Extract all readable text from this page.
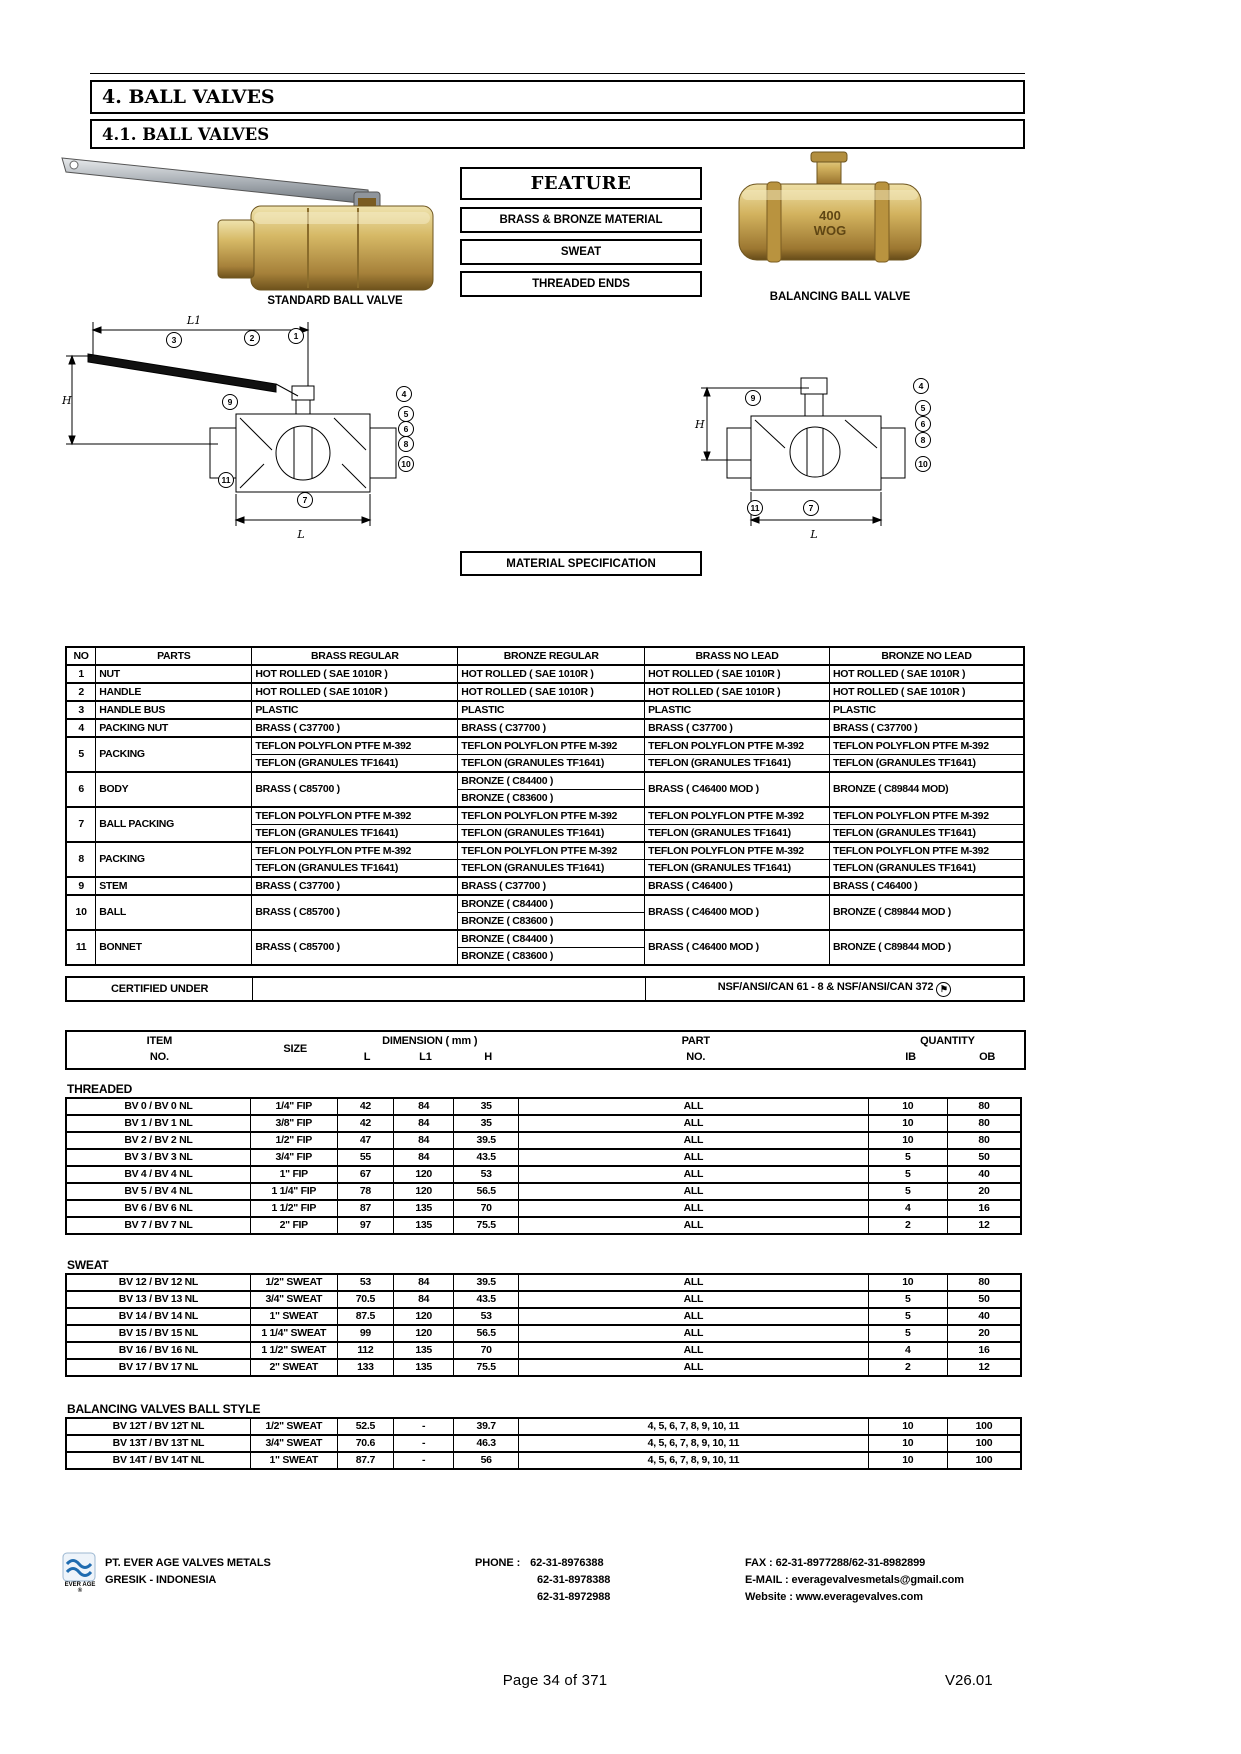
4. BALL VALVES
4.1. BALL VALVES
FEATURE
BRASS & BRONZE MATERIAL
SWEAT
THREADED ENDS
400
WOG
STANDARD BALL VALVE	BALANCING BALL VALVE
L1
H
L
3	2	1
9
4
5
6
8
10
11
7
H
L
9
4
5
6
8
10
11	7
MATERIAL SPECIFICATION
NO	PARTS	BRASS REGULAR	BRONZE REGULAR	BRASS NO LEAD	BRONZE NO LEAD
1	NUT	HOT ROLLED ( SAE 1010R )	HOT ROLLED ( SAE 1010R )	HOT ROLLED ( SAE 1010R )	HOT ROLLED ( SAE 1010R )
2	HANDLE	HOT ROLLED ( SAE 1010R )	HOT ROLLED ( SAE 1010R )	HOT ROLLED ( SAE 1010R )	HOT ROLLED ( SAE 1010R )
3	HANDLE BUS	PLASTIC	PLASTIC	PLASTIC	PLASTIC
4	PACKING NUT	BRASS ( C37700 )	BRASS ( C37700 )	BRASS ( C37700 )	BRASS ( C37700 )
5	PACKING	TEFLON POLYFLON PTFE M-392	TEFLON POLYFLON PTFE M-392	TEFLON POLYFLON PTFE M-392	TEFLON POLYFLON PTFE M-392
		TEFLON (GRANULES TF1641)	TEFLON (GRANULES TF1641)	TEFLON (GRANULES TF1641)	TEFLON (GRANULES TF1641)
6	BODY	BRASS ( C85700 )	BRONZE ( C84400 )	BRASS ( C46400 MOD )	BRONZE ( C89844 MOD)
			BRONZE ( C83600 )		
7	BALL PACKING	TEFLON POLYFLON PTFE M-392	TEFLON POLYFLON PTFE M-392	TEFLON POLYFLON PTFE M-392	TEFLON POLYFLON PTFE M-392
		TEFLON (GRANULES TF1641)	TEFLON (GRANULES TF1641)	TEFLON (GRANULES TF1641)	TEFLON (GRANULES TF1641)
8	PACKING	TEFLON POLYFLON PTFE M-392	TEFLON POLYFLON PTFE M-392	TEFLON POLYFLON PTFE M-392	TEFLON POLYFLON PTFE M-392
		TEFLON (GRANULES TF1641)	TEFLON (GRANULES TF1641)	TEFLON (GRANULES TF1641)	TEFLON (GRANULES TF1641)
9	STEM	BRASS ( C37700 )	BRASS ( C37700 )	BRASS ( C46400 )	BRASS ( C46400 )
10	BALL	BRASS ( C85700 )	BRONZE ( C84400 )	BRASS ( C46400 MOD )	BRONZE ( C89844 MOD )
			BRONZE ( C83600 )		
11	BONNET	BRASS ( C85700 )	BRONZE ( C84400 )	BRASS ( C46400 MOD )	BRONZE ( C89844 MOD )
			BRONZE ( C83600 )		
CERTIFIED UNDER		NSF/ANSI/CAN 61 - 8 & NSF/ANSI/CAN 372 ⚑
ITEM
NO.
SIZE
DIMENSION ( mm )
L	L1	H
PART
NO.
QUANTITY
IB	OB
THREADED
BV 0 / BV 0 NL	1/4" FIP	42	84	35	ALL	10	80
BV 1 / BV 1 NL	3/8" FIP	42	84	35	ALL	10	80
BV 2 / BV 2 NL	1/2" FIP	47	84	39.5	ALL	10	80
BV 3 / BV 3 NL	3/4" FIP	55	84	43.5	ALL	5	50
BV 4 / BV 4 NL	1" FIP	67	120	53	ALL	5	40
BV 5 / BV 4 NL	1 1/4" FIP	78	120	56.5	ALL	5	20
BV 6 / BV 6 NL	1 1/2" FIP	87	135	70	ALL	4	16
BV 7 / BV 7 NL	2" FIP	97	135	75.5	ALL	2	12
SWEAT
BV 12 / BV 12 NL	1/2" SWEAT	53	84	39.5	ALL	10	80
BV 13 / BV 13 NL	3/4" SWEAT	70.5	84	43.5	ALL	5	50
BV 14 / BV 14 NL	1" SWEAT	87.5	120	53	ALL	5	40
BV 15 / BV 15 NL	1 1/4" SWEAT	99	120	56.5	ALL	5	20
BV 16 / BV 16 NL	1 1/2" SWEAT	112	135	70	ALL	4	16
BV 17 / BV 17 NL	2" SWEAT	133	135	75.5	ALL	2	12
BALANCING VALVES BALL STYLE
BV 12T / BV 12T NL	1/2" SWEAT	52.5	-	39.7	4, 5, 6, 7, 8, 9, 10, 11	10	100
BV 13T / BV 13T NL	3/4" SWEAT	70.6	-	46.3	4, 5, 6, 7, 8, 9, 10, 11	10	100
BV 14T / BV 14T NL	1" SWEAT	87.7	-	56	4, 5, 6, 7, 8, 9, 10, 11	10	100
EVER AGE ®
PT. EVER AGE VALVES METALS
GRESIK - INDONESIA
PHONE : 62-31-8976388
62-31-8978388
62-31-8972988
FAX : 62-31-8977288/62-31-8982899
E-MAIL : everagevalvesmetals@gmail.com
Website : www.everagevalves.com
Page 34 of 371	V26.01
